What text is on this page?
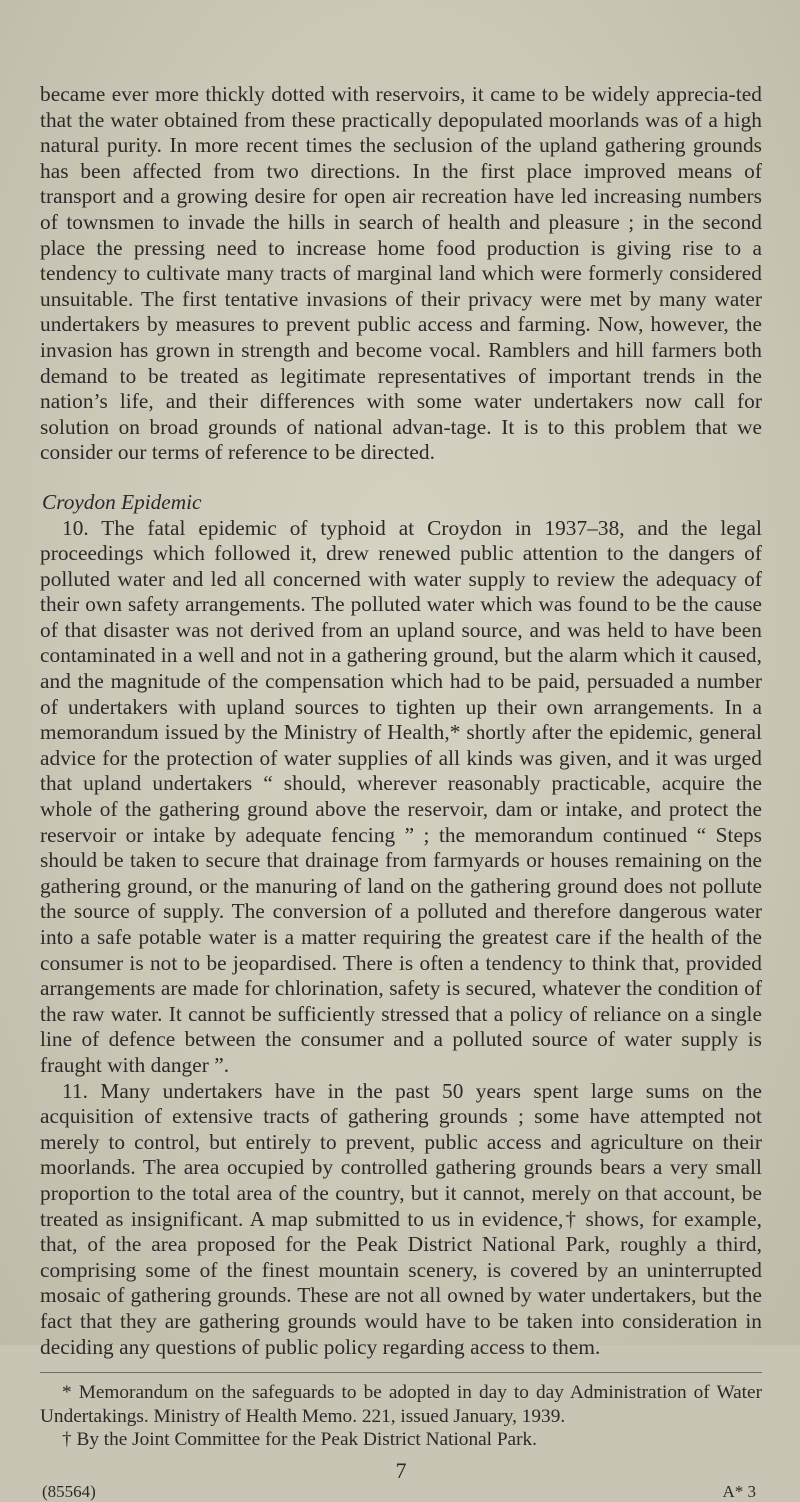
became ever more thickly dotted with reservoirs, it came to be widely apprecia-ted that the water obtained from these practically depopulated moorlands was of a high natural purity. In more recent times the seclusion of the upland gathering grounds has been affected from two directions. In the first place improved means of transport and a growing desire for open air recreation have led increasing numbers of townsmen to invade the hills in search of health and pleasure ; in the second place the pressing need to increase home food production is giving rise to a tendency to cultivate many tracts of marginal land which were formerly considered unsuitable. The first tentative invasions of their privacy were met by many water undertakers by measures to prevent public access and farming. Now, however, the invasion has grown in strength and become vocal. Ramblers and hill farmers both demand to be treated as legitimate representatives of important trends in the nation’s life, and their differences with some water undertakers now call for solution on broad grounds of national advan-tage. It is to this problem that we consider our terms of reference to be directed.

Croydon Epidemic

10. The fatal epidemic of typhoid at Croydon in 1937–38, and the legal proceedings which followed it, drew renewed public attention to the dangers of polluted water and led all concerned with water supply to review the adequacy of their own safety arrangements. The polluted water which was found to be the cause of that disaster was not derived from an upland source, and was held to have been contaminated in a well and not in a gathering ground, but the alarm which it caused, and the magnitude of the compensation which had to be paid, persuaded a number of undertakers with upland sources to tighten up their own arrangements. In a memorandum issued by the Ministry of Health,* shortly after the epidemic, general advice for the protection of water supplies of all kinds was given, and it was urged that upland undertakers “ should, wherever reasonably practicable, acquire the whole of the gathering ground above the reservoir, dam or intake, and protect the reservoir or intake by adequate fencing ” ; the memorandum continued “ Steps should be taken to secure that drainage from farmyards or houses remaining on the gathering ground, or the manuring of land on the gathering ground does not pollute the source of supply. The conversion of a polluted and therefore dangerous water into a safe potable water is a matter requiring the greatest care if the health of the consumer is not to be jeopardised. There is often a tendency to think that, provided arrangements are made for chlorination, safety is secured, whatever the condition of the raw water. It cannot be sufficiently stressed that a policy of reliance on a single line of defence between the consumer and a polluted source of water supply is fraught with danger ”.

11. Many undertakers have in the past 50 years spent large sums on the acquisition of extensive tracts of gathering grounds ; some have attempted not merely to control, but entirely to prevent, public access and agriculture on their moorlands. The area occupied by controlled gathering grounds bears a very small proportion to the total area of the country, but it cannot, merely on that account, be treated as insignificant. A map submitted to us in evidence,† shows, for example, that, of the area proposed for the Peak District National Park, roughly a third, comprising some of the finest mountain scenery, is covered by an uninterrupted mosaic of gathering grounds. These are not all owned by water undertakers, but the fact that they are gathering grounds would have to be taken into consideration in deciding any questions of public policy regarding access to them.

* Memorandum on the safeguards to be adopted in day to day Administration of Water Undertakings. Ministry of Health Memo. 221, issued January, 1939.

† By the Joint Committee for the Peak District National Park.

7
(85564)	A* 3
